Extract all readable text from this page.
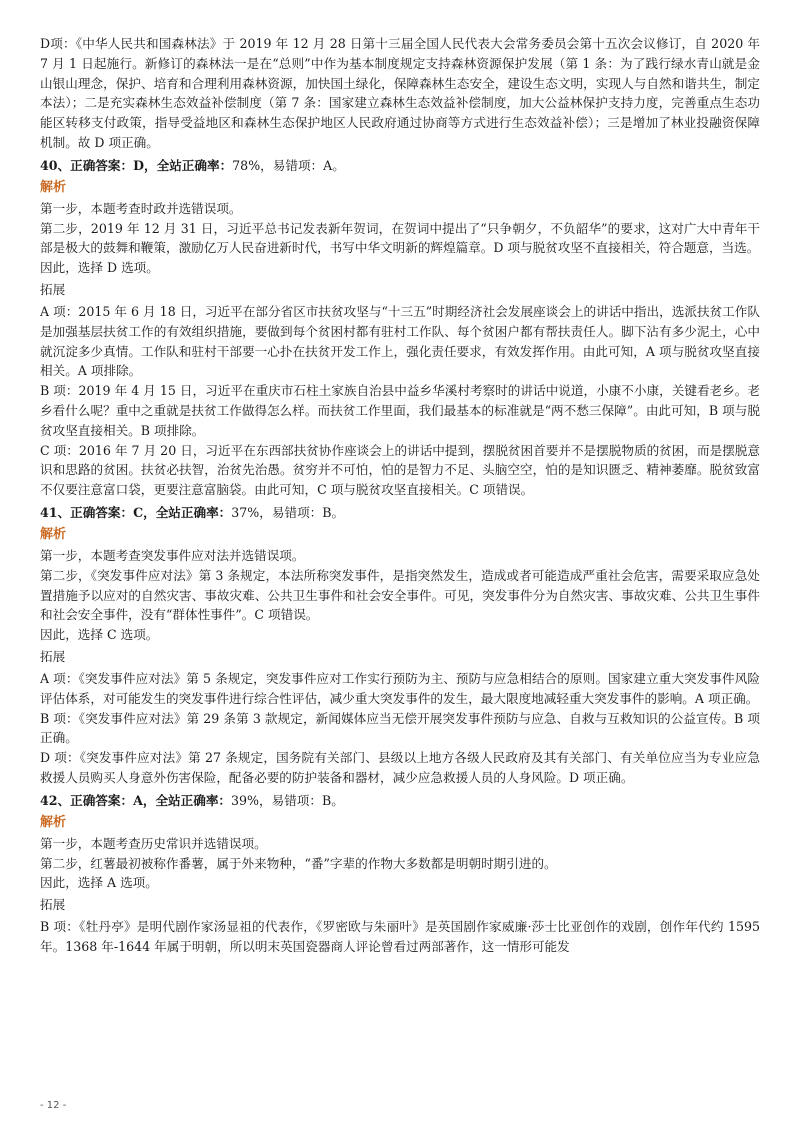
D项：《中华人民共和国森林法》于 2019 年 12 月 28 日第十三届全国人民代表大会常务委员会第十五次会议修订，自 2020 年 7 月 1 日起施行。新修订的森林法一是在“总则”中作为基本制度规定支持森林资源保护发展（第 1 条：为了践行绿水青山就是金山银山理念，保护、培育和合理利用森林资源，加快国土绿化，保障森林生态安全，建设生态文明，实现人与自然和谐共生，制定本法）；二是充实森林生态效益补偿制度（第 7 条：国家建立森林生态效益补偿制度，加大公益林保护支持力度，完善重点生态功能区转移支付政策，指导受益地区和森林生态保护地区人民政府通过协商等方式进行生态效益补偿）；三是增加了林业投融资保障机制。故 D 项正确。

40、正确答案：D，全站正确率：78%，易错项：A。
解析

第一步，本题考查时政并选错误项。

第二步，2019 年 12 月 31 日，习近平总书记发表新年贺词，在贺词中提出了“只争朝夕，不负韶华”的要求，这对广大中青年干部是极大的鼓舞和鞭策，激励亿万人民奋进新时代，书写中华文明新的辉煌篇章。D 项与脱贫攻坚不直接相关，符合题意，当选。

因此，选择 D 选项。

拓展

A 项：2015 年 6 月 18 日，习近平在部分省区市扶贫攻坚与“十三五”时期经济社会发展座谈会上的讲话中指出，选派扶贫工作队是加强基层扶贫工作的有效组织措施，要做到每个贫困村都有驻村工作队、每个贫困户都有帮扶责任人。脚下沾有多少泥土，心中就沉淀多少真情。工作队和驻村干部要一心扑在扶贫开发工作上，强化责任要求，有效发挥作用。由此可知，A 项与脱贫攻坚直接相关。A 项排除。

B 项：2019 年 4 月 15 日，习近平在重庆市石柱土家族自治县中益乡华溪村考察时的讲话中说道，小康不小康，关键看老乡。老乡看什么呢？重中之重就是扶贫工作做得怎么样。而扶贫工作里面，我们最基本的标准就是“两不愁三保障”。由此可知，B 项与脱贫攻坚直接相关。B 项排除。

C 项：2016 年 7 月 20 日，习近平在东西部扶贫协作座谈会上的讲话中提到，摆脱贫困首要并不是摆脱物质的贫困，而是摆脱意识和思路的贫困。扶贫必扶智，治贫先治愚。贫穷并不可怕，怕的是智力不足、头脑空空，怕的是知识匮乏、精神萎靡。脱贫致富不仅要注意富口袋，更要注意富脑袋。由此可知，C 项与脱贫攻坚直接相关。C 项错误。

41、正确答案：C，全站正确率：37%，易错项：B。
解析

第一步，本题考查突发事件应对法并选错误项。

第二步，《突发事件应对法》第 3 条规定，本法所称突发事件，是指突然发生，造成或者可能造成严重社会危害，需要采取应急处置措施予以应对的自然灾害、事故灾难、公共卫生事件和社会安全事件。可见，突发事件分为自然灾害、事故灾难、公共卫生事件和社会安全事件，没有“群体性事件”。C 项错误。

因此，选择 C 选项。

拓展

A 项：《突发事件应对法》第 5 条规定，突发事件应对工作实行预防为主、预防与应急相结合的原则。国家建立重大突发事件风险评估体系，对可能发生的突发事件进行综合性评估，减少重大突发事件的发生，最大限度地减轻重大突发事件的影响。A 项正确。

B 项：《突发事件应对法》第 29 条第 3 款规定，新闻媒体应当无偿开展突发事件预防与应急、自救与互救知识的公益宣传。B 项正确。

D 项：《突发事件应对法》第 27 条规定，国务院有关部门、县级以上地方各级人民政府及其有关部门、有关单位应当为专业应急救援人员购买人身意外伤害保险，配备必要的防护装备和器材，减少应急救援人员的人身风险。D 项正确。

42、正确答案：A，全站正确率：39%，易错项：B。
解析

第一步，本题考查历史常识并选错误项。

第二步，红薯最初被称作番薯，属于外来物种，“番”字辈的作物大多数都是明朝时期引进的。

因此，选择 A 选项。

拓展

B 项：《牡丹亭》是明代剧作家汤显祖的代表作，《罗密欧与朱丽叶》是英国剧作家威廉·莎士比亚创作的戏剧，创作年代约 1595 年。1368 年-1644 年属于明朝，所以明末英国瓷器商人评论曾看过两部著作，这一情形可能发

- 12 -
